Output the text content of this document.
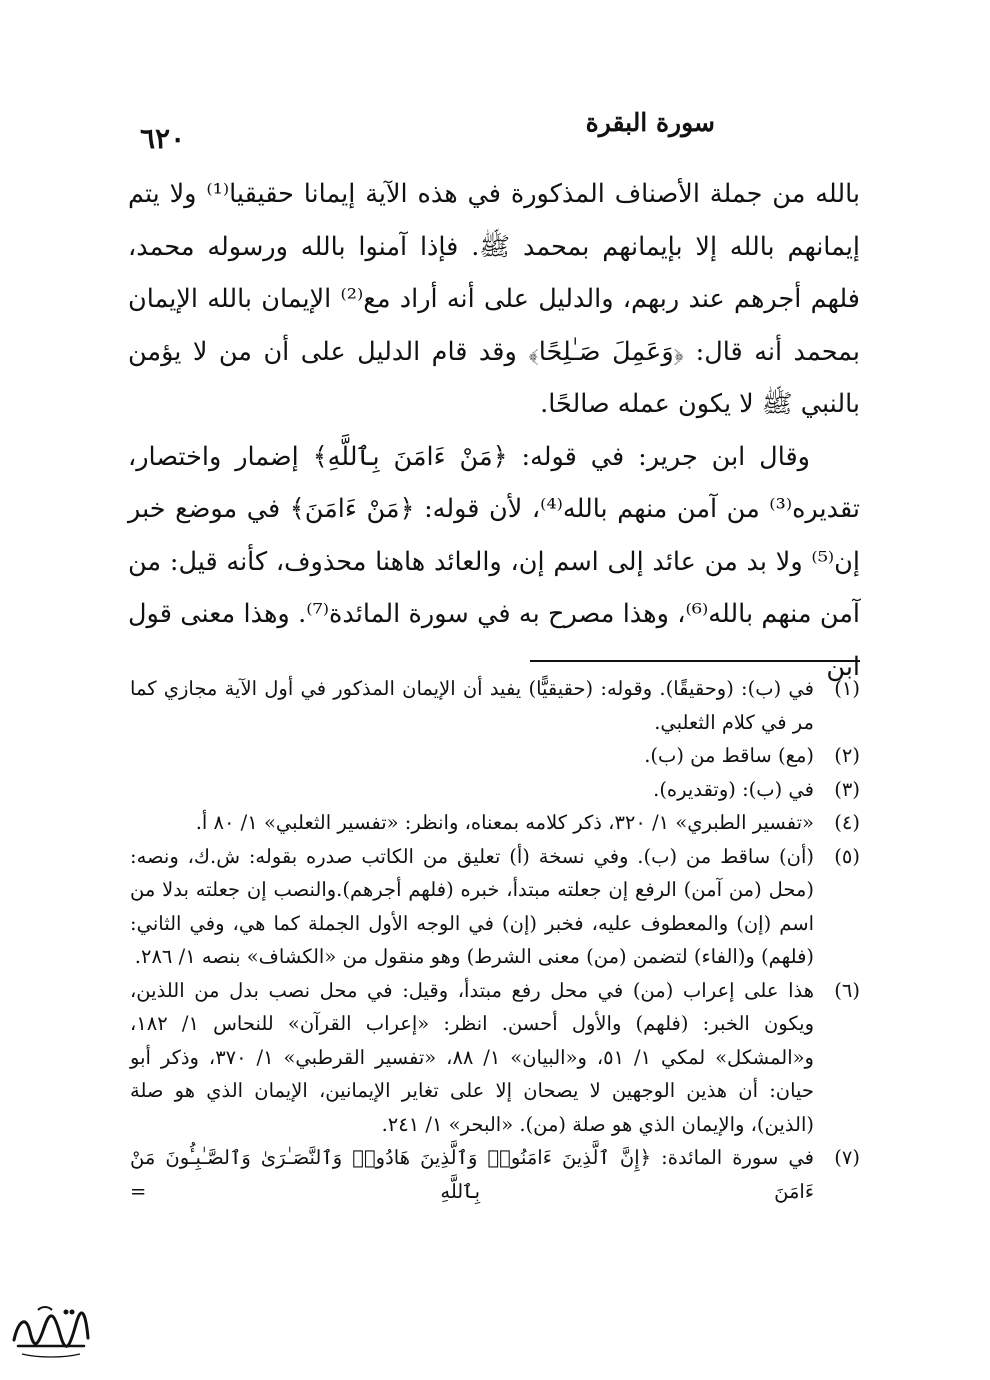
سورة البقرة
٦٢٠

بالله من جملة الأصناف المذكورة في هذه الآية إيمانا حقيقيا⁽¹⁾ ولا يتم إيمانهم بالله إلا بإيمانهم بمحمد ﷺ. فإذا آمنوا بالله ورسوله محمد، فلهم أجرهم عند ربهم، والدليل على أنه أراد مع⁽²⁾ الإيمان بالله الإيمان بمحمد أنه قال: ﴿وَعَمِلَ صَـٰلِحًا﴾ وقد قام الدليل على أن من لا يؤمن بالنبي ﷺ لا يكون عمله صالحًا.

وقال ابن جرير: في قوله: ﴿مَنْ ءَامَنَ بِٱللَّهِ﴾ إضمار واختصار، تقديره⁽³⁾ من آمن منهم بالله⁽⁴⁾، لأن قوله: ﴿مَنْ ءَامَنَ﴾ في موضع خبر إن⁽⁵⁾ ولا بد من عائد إلى اسم إن، والعائد هاهنا محذوف، كأنه قيل: من آمن منهم بالله⁽⁶⁾، وهذا مصرح به في سورة المائدة⁽⁷⁾. وهذا معنى قول ابن

(١)
في (ب): (وحقيقًا). وقوله: (حقيقيًّا) يفيد أن الإيمان المذكور في أول الآية مجازي كما مر في كلام الثعلبي.
(٢)
(مع) ساقط من (ب).
(٣)
في (ب): (وتقديره).
(٤)
«تفسير الطبري» ١/ ٣٢٠، ذكر كلامه بمعناه، وانظر: «تفسير الثعلبي» ١/ ٨٠ أ.
(٥)
(أن) ساقط من (ب). وفي نسخة (أ) تعليق من الكاتب صدره بقوله: ش.ك، ونصه: (محل (من آمن) الرفع إن جعلته مبتدأ، خبره (فلهم أجرهم).والنصب إن جعلته بدلا من اسم (إن) والمعطوف عليه، فخبر (إن) في الوجه الأول الجملة كما هي، وفي الثاني: (فلهم) و(الفاء) لتضمن (من) معنى الشرط) وهو منقول من «الكشاف» بنصه ١/ ٢٨٦.
(٦)
هذا على إعراب (من) في محل رفع مبتدأ، وقيل: في محل نصب بدل من اللذين، ويكون الخبر: (فلهم) والأول أحسن. انظر: «إعراب القرآن» للنحاس ١/ ١٨٢، و«المشكل» لمكي ١/ ٥١، و«البيان» ١/ ٨٨، «تفسير القرطبي» ١/ ٣٧٠، وذكر أبو حيان: أن هذين الوجهين لا يصحان إلا على تغاير الإيمانين، الإيمان الذي هو صلة (الذين)، والإيمان الذي هو صلة (من). «البحر» ١/ ٢٤١.
(٧)
في سورة المائدة: ﴿إِنَّ ٱلَّذِينَ ءَامَنُوا۟ وَٱلَّذِينَ هَادُوا۟ وَٱلنَّصَـٰرَىٰ وَٱلصَّـٰبِـُٔونَ مَنْ ءَامَنَ بِٱللَّهِ =
